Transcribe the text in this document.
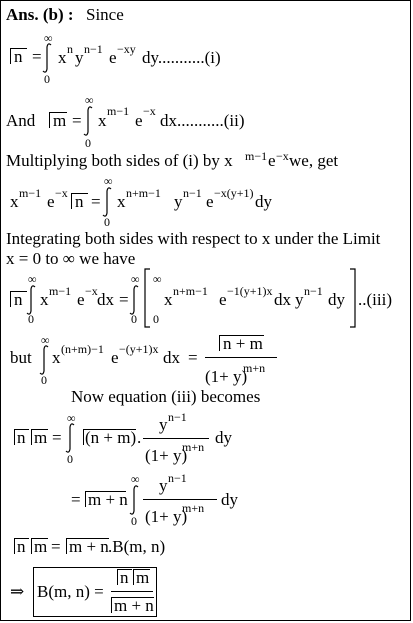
Ans. (b) : Since
n =
∞
0
x n y n−1 e −xy dy...........(i)
And m =
∞
0
x m−1 e −x dx...........(ii)
Multiplying both sides of (i) by x m−1 e −x we, get
x m−1 e −x n =
∞
0
x n+m−1 y n−1 e −x(y+1) dy
Integrating both sides with respect to x under the Limit
x = 0 to ∞ we have
n
∞
0
x m−1 e −x dx =
∞
0
∞
0
x n+m−1 e −1(y+1)x dx y n−1 dy ..(iii)
but
∞
0
x (n+m)−1 e −(y+1)x dx =
n + m
(1+ y)
m+n
Now equation (iii) becomes
n m =
∞
0
(n + m) .
y n−1
(1+ y)
m+n dy
= m + n
∞
0
y n−1
(1+ y)
m+n dy
n m = m + n .B(m, n)
⇒ B(m, n) =
n m
m + n
